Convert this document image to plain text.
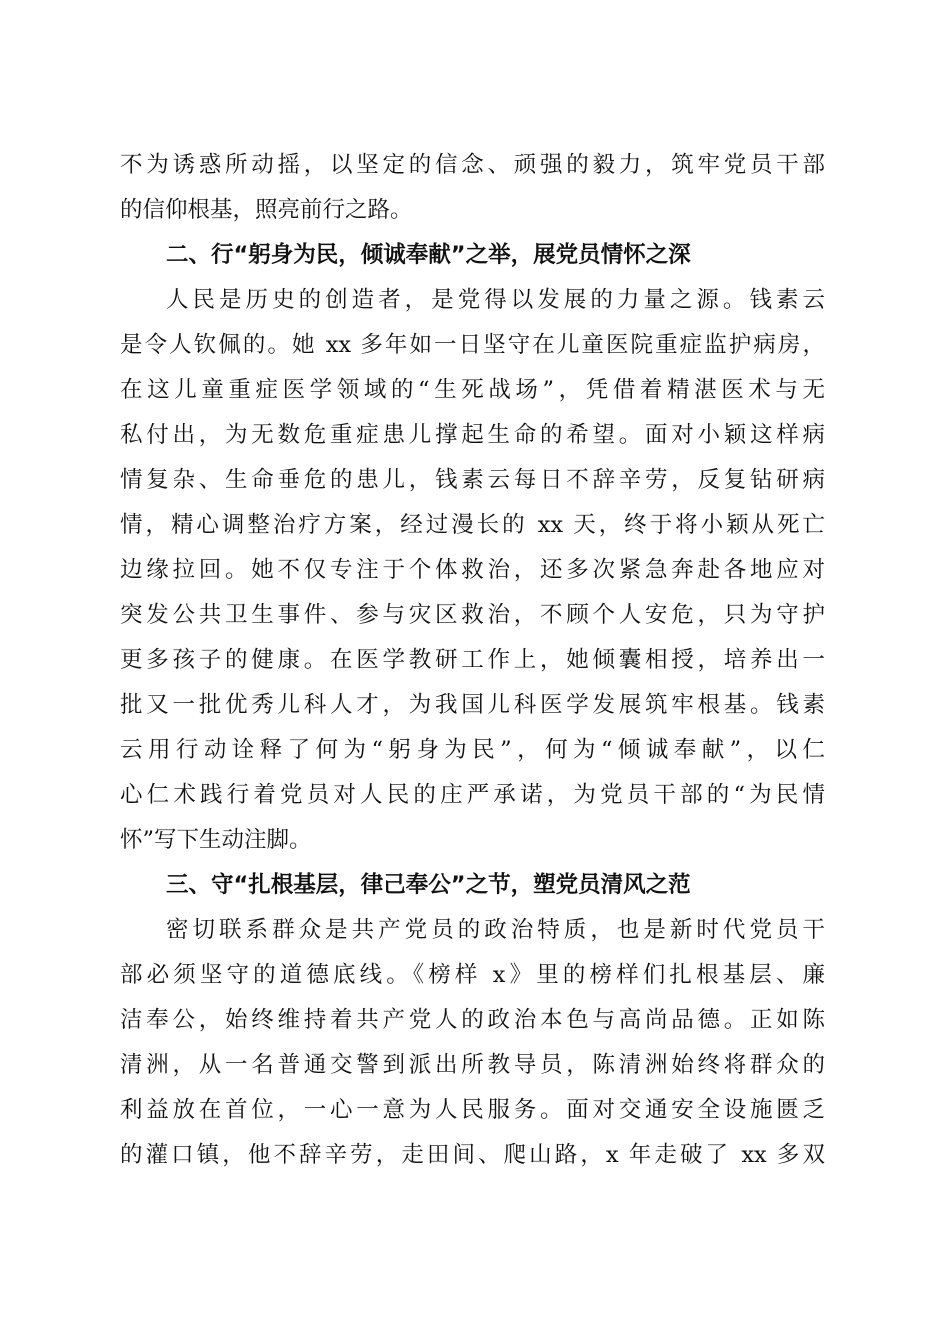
不为诱惑所动摇，以坚定的信念、顽强的毅力，筑牢党员干部
的信仰根基，照亮前行之路。
二、行“躬身为民，倾诚奉献”之举，展党员情怀之深
人民是历史的创造者，是党得以发展的力量之源。钱素云
是令人钦佩的。她 xx 多年如一日坚守在儿童医院重症监护病房，
在这儿童重症医学领域的“生死战场”，凭借着精湛医术与无
私付出，为无数危重症患儿撑起生命的希望。面对小颖这样病
情复杂、生命垂危的患儿，钱素云每日不辞辛劳，反复钻研病
情，精心调整治疗方案，经过漫长的 xx 天，终于将小颖从死亡
边缘拉回。她不仅专注于个体救治，还多次紧急奔赴各地应对
突发公共卫生事件、参与灾区救治，不顾个人安危，只为守护
更多孩子的健康。在医学教研工作上，她倾囊相授，培养出一
批又一批优秀儿科人才，为我国儿科医学发展筑牢根基。钱素
云用行动诠释了何为“躬身为民”，何为“倾诚奉献”，以仁
心仁术践行着党员对人民的庄严承诺，为党员干部的“为民情
怀”写下生动注脚。
三、守“扎根基层，律己奉公”之节，塑党员清风之范
密切联系群众是共产党员的政治特质，也是新时代党员干
部必须坚守的道德底线。《榜样 x》里的榜样们扎根基层、廉
洁奉公，始终维持着共产党人的政治本色与高尚品德。正如陈
清洲，从一名普通交警到派出所教导员，陈清洲始终将群众的
利益放在首位，一心一意为人民服务。面对交通安全设施匮乏
的灌口镇，他不辞辛劳，走田间、爬山路，x 年走破了 xx 多双
